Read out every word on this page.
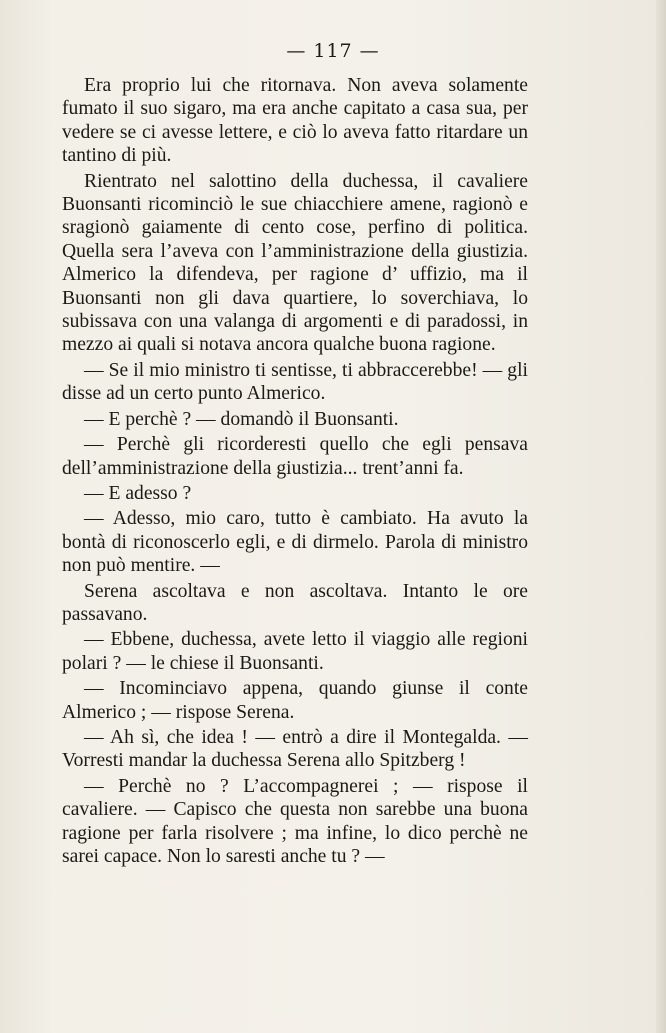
— 117 —

Era proprio lui che ritornava. Non aveva solamente fumato il suo sigaro, ma era anche capitato a casa sua, per vedere se ci avesse lettere, e ciò lo aveva fatto ritardare un tantino di più.

Rientrato nel salottino della duchessa, il cavaliere Buonsanti ricominciò le sue chiacchiere amene, ragionò e sragionò gaiamente di cento cose, perfino di politica. Quella sera l’aveva con l’amministrazione della giustizia. Almerico la difendeva, per ragione d’ uffizio, ma il Buonsanti non gli dava quartiere, lo soverchiava, lo subissava con una valanga di argomenti e di paradossi, in mezzo ai quali si notava ancora qualche buona ragione.

— Se il mio ministro ti sentisse, ti abbraccerebbe! — gli disse ad un certo punto Almerico.

— E perchè ? — domandò il Buonsanti.

— Perchè gli ricorderesti quello che egli pensava dell’amministrazione della giustizia... trent’anni fa.

— E adesso ?

— Adesso, mio caro, tutto è cambiato. Ha avuto la bontà di riconoscerlo egli, e di dirmelo. Parola di ministro non può mentire. —

Serena ascoltava e non ascoltava. Intanto le ore passavano.

— Ebbene, duchessa, avete letto il viaggio alle regioni polari ? — le chiese il Buonsanti.

— Incominciavo appena, quando giunse il conte Almerico ; — rispose Serena.

— Ah sì, che idea ! — entrò a dire il Montegalda. — Vorresti mandar la duchessa Serena allo Spitzberg !

— Perchè no ? L’accompagnerei ; — rispose il cavaliere. — Capisco che questa non sarebbe una buona ragione per farla risolvere ; ma infine, lo dico perchè ne sarei capace. Non lo saresti anche tu ? —
